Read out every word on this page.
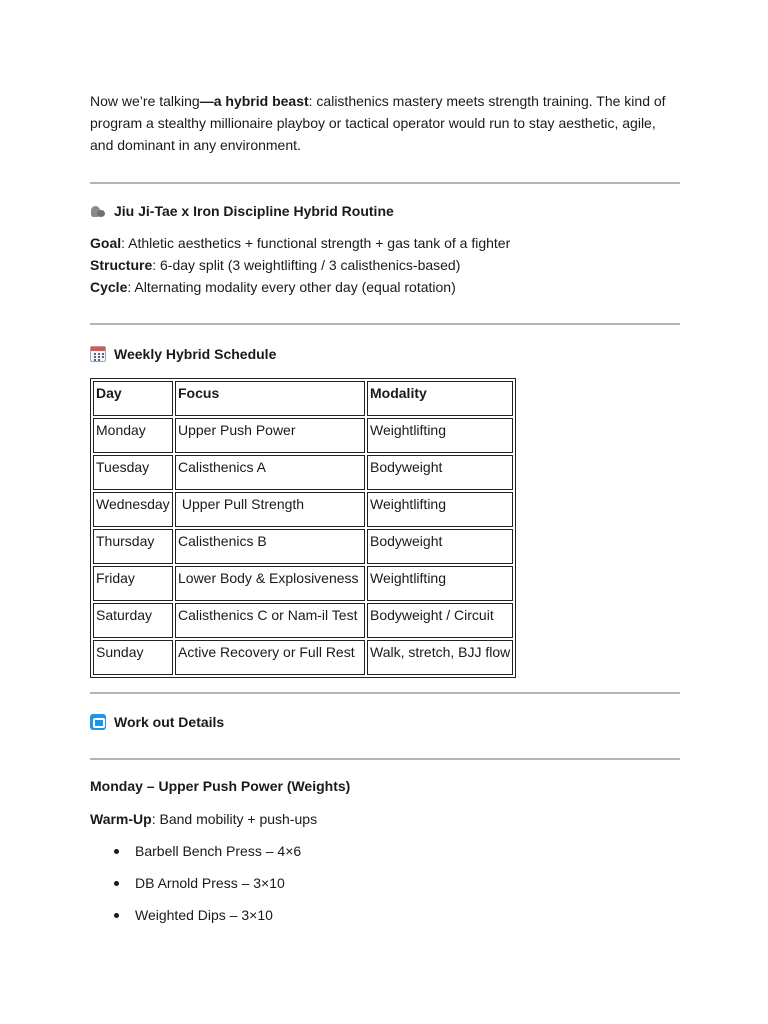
Now we’re talking—a hybrid beast: calisthenics mastery meets strength training. The kind of program a stealthy millionaire playboy or tactical operator would run to stay aesthetic, agile, and dominant in any environment.

Jiu Ji-Tae x Iron Discipline Hybrid Routine

Goal: Athletic aesthetics + functional strength + gas tank of a fighter

Structure: 6-day split (3 weightlifting / 3 calisthenics-based)

Cycle: Alternating modality every other day (equal rotation)

Weekly Hybrid Schedule
Day	Focus	Modality
Monday	Upper Push Power	Weightlifting
Tuesday	Calisthenics A	Bodyweight
Wednesday	Upper Pull Strength	Weightlifting
Thursday	Calisthenics B	Bodyweight
Friday	Lower Body & Explosiveness	Weightlifting
Saturday	Calisthenics C or Nam-il Test	Bodyweight / Circuit
Sunday	Active Recovery or Full Rest	Walk, stretch, BJJ flow
Work out Details

Monday – Upper Push Power (Weights)

Warm-Up: Band mobility + push-ups

Barbell Bench Press – 4×6
DB Arnold Press – 3×10
Weighted Dips – 3×10
